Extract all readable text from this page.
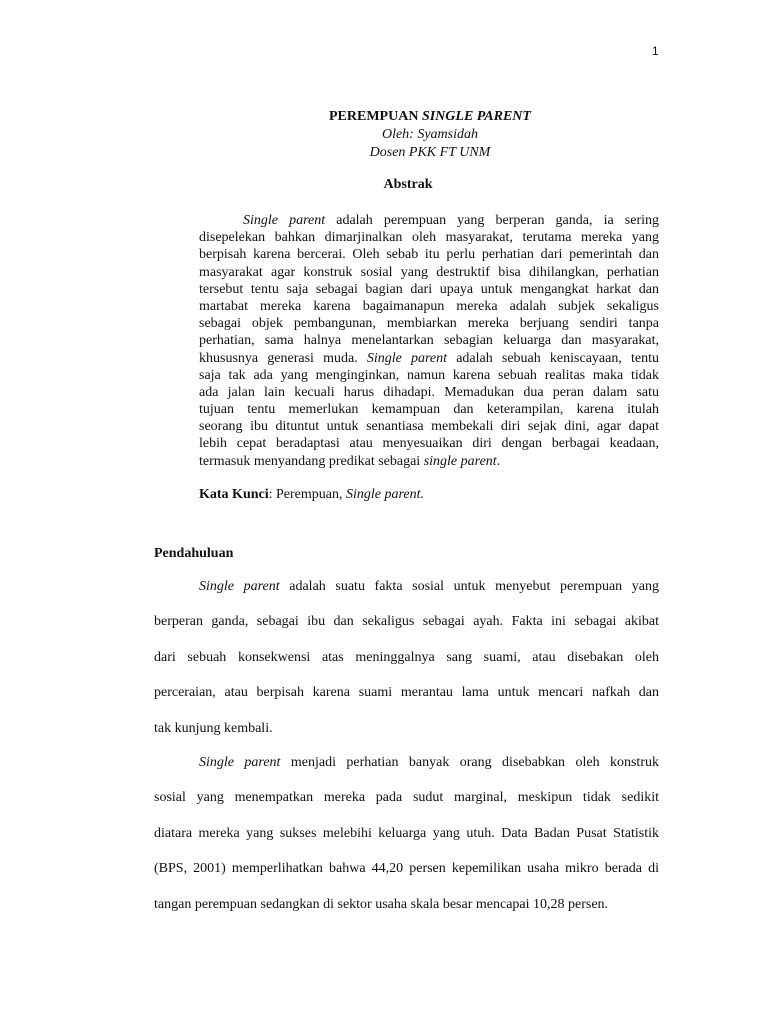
1
PEREMPUAN SINGLE PARENT
Oleh: Syamsidah
Dosen PKK FT UNM
Abstrak
Single parent adalah perempuan yang berperan ganda, ia sering
disepelekan bahkan dimarjinalkan oleh masyarakat, terutama mereka yang
berpisah karena bercerai. Oleh sebab itu perlu perhatian dari pemerintah dan
masyarakat agar konstruk sosial yang destruktif bisa dihilangkan, perhatian
tersebut tentu saja sebagai bagian dari upaya untuk mengangkat harkat dan
martabat mereka karena bagaimanapun mereka adalah subjek sekaligus
sebagai objek pembangunan, membiarkan mereka berjuang sendiri tanpa
perhatian, sama halnya menelantarkan sebagian keluarga dan masyarakat,
khususnya generasi muda. Single parent adalah sebuah keniscayaan, tentu
saja tak ada yang menginginkan, namun karena sebuah realitas maka tidak
ada jalan lain kecuali harus dihadapi. Memadukan dua peran dalam satu
tujuan tentu memerlukan kemampuan dan keterampilan, karena itulah
seorang ibu dituntut untuk senantiasa membekali diri sejak dini, agar dapat
lebih cepat beradaptasi atau menyesuaikan diri dengan berbagai keadaan,
termasuk menyandang predikat sebagai single parent.
Kata Kunci: Perempuan, Single parent.
Pendahuluan
Single parent adalah suatu fakta sosial untuk menyebut perempuan yang
berperan ganda, sebagai ibu dan sekaligus sebagai ayah. Fakta ini sebagai akibat
dari sebuah konsekwensi atas meninggalnya sang suami, atau disebakan oleh
perceraian, atau berpisah karena suami merantau lama untuk mencari nafkah dan
tak kunjung kembali.
Single parent menjadi perhatian banyak orang disebabkan oleh konstruk
sosial yang menempatkan mereka pada sudut marginal, meskipun tidak sedikit
diatara mereka yang sukses melebihi keluarga yang utuh. Data Badan Pusat Statistik
(BPS, 2001) memperlihatkan bahwa 44,20 persen kepemilikan usaha mikro berada di
tangan perempuan sedangkan di sektor usaha skala besar mencapai 10,28 persen.
